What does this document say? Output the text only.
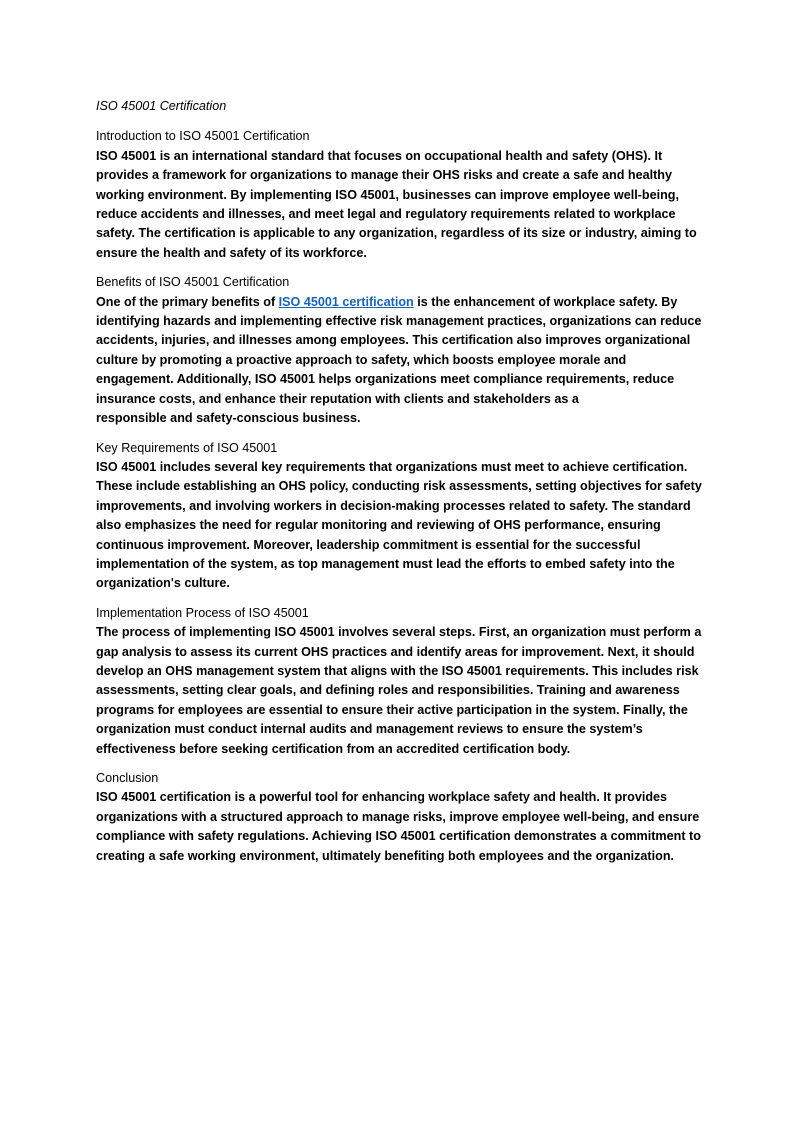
ISO 45001 Certification

Introduction to ISO 45001 Certification

ISO 45001 is an international standard that focuses on occupational health and safety (OHS). It provides a framework for organizations to manage their OHS risks and create a safe and healthy working environment. By implementing ISO 45001, businesses can improve employee well-being, reduce accidents and illnesses, and meet legal and regulatory requirements related to workplace safety. The certification is applicable to any organization, regardless of its size or industry, aiming to ensure the health and safety of its workforce.

Benefits of ISO 45001 Certification

One of the primary benefits of ISO 45001 certification is the enhancement of workplace safety. By identifying hazards and implementing effective risk management practices, organizations can reduce accidents, injuries, and illnesses among employees. This certification also improves organizational culture by promoting a proactive approach to safety, which boosts employee morale and engagement. Additionally, ISO 45001 helps organizations meet compliance requirements, reduce insurance costs, and enhance their reputation with clients and stakeholders as a
responsible and safety-conscious business.

Key Requirements of ISO 45001

ISO 45001 includes several key requirements that organizations must meet to achieve certification. These include establishing an OHS policy, conducting risk assessments, setting objectives for safety improvements, and involving workers in decision-making processes related to safety. The standard also emphasizes the need for regular monitoring and reviewing of OHS performance, ensuring continuous improvement. Moreover, leadership commitment is essential for the successful implementation of the system, as top management must lead the efforts to embed safety into the organization's culture.

Implementation Process of ISO 45001

The process of implementing ISO 45001 involves several steps. First, an organization must perform a gap analysis to assess its current OHS practices and identify areas for improvement. Next, it should develop an OHS management system that aligns with the ISO 45001 requirements. This includes risk assessments, setting clear goals, and defining roles and responsibilities. Training and awareness programs for employees are essential to ensure their active participation in the system. Finally, the organization must conduct internal audits and management reviews to ensure the system’s effectiveness before seeking certification from an accredited certification body.

Conclusion

ISO 45001 certification is a powerful tool for enhancing workplace safety and health. It provides organizations with a structured approach to manage risks, improve employee well-being, and ensure compliance with safety regulations. Achieving ISO 45001 certification demonstrates a commitment to creating a safe working environment, ultimately benefiting both employees and the organization.
